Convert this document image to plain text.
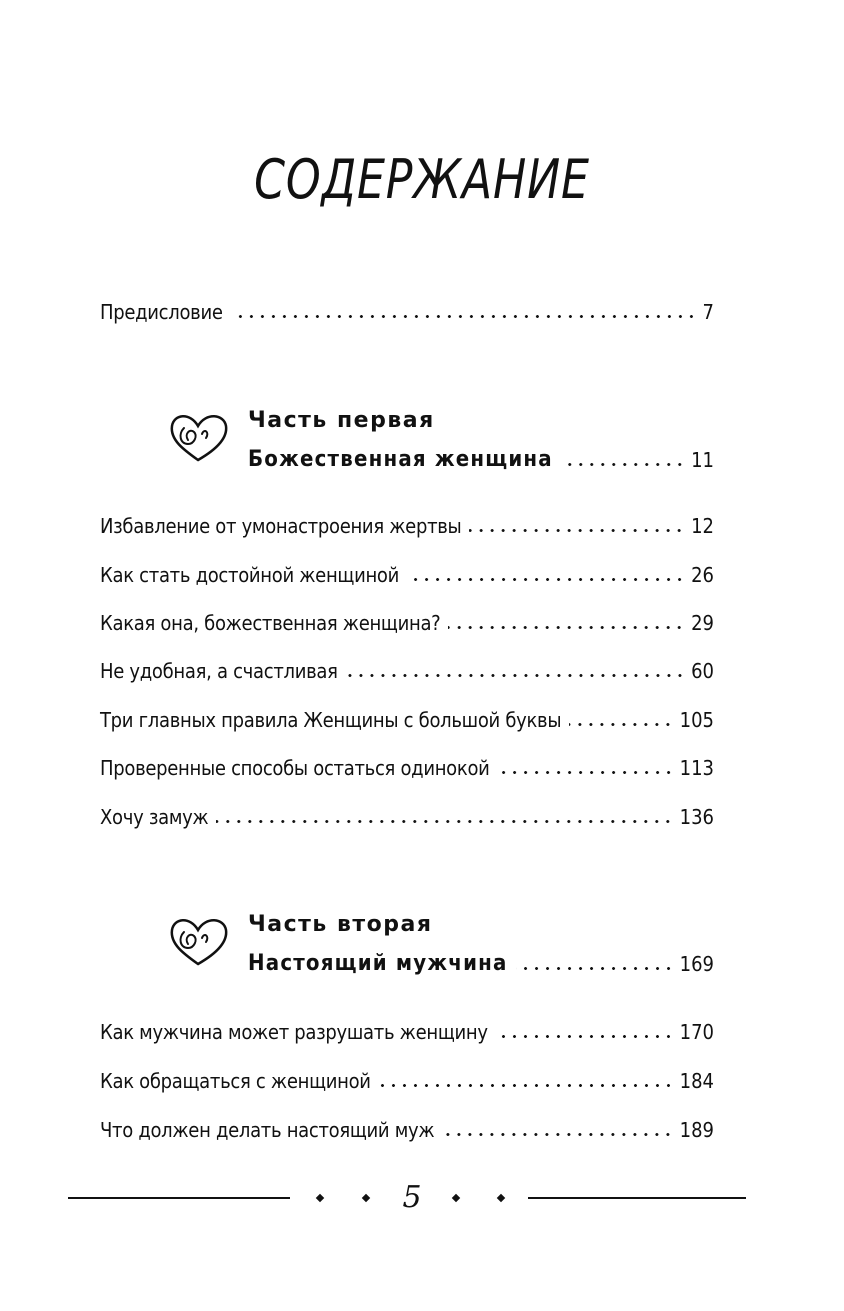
СОДЕРЖАНИЕ
Предисловие	7
Часть первая
Божественная женщина	11
Избавление от умонастроения жертвы	12
Как стать достойной женщиной	26
Какая она, божественная женщина?	29
Не удобная, а счастливая	60
Три главных правила Женщины с большой буквы	105
Проверенные способы остаться одинокой	113
Хочу замуж	136
Часть вторая
Настоящий мужчина	169
Как мужчина может разрушать женщину	170
Как обращаться с женщиной	184
Что должен делать настоящий муж	189
5
